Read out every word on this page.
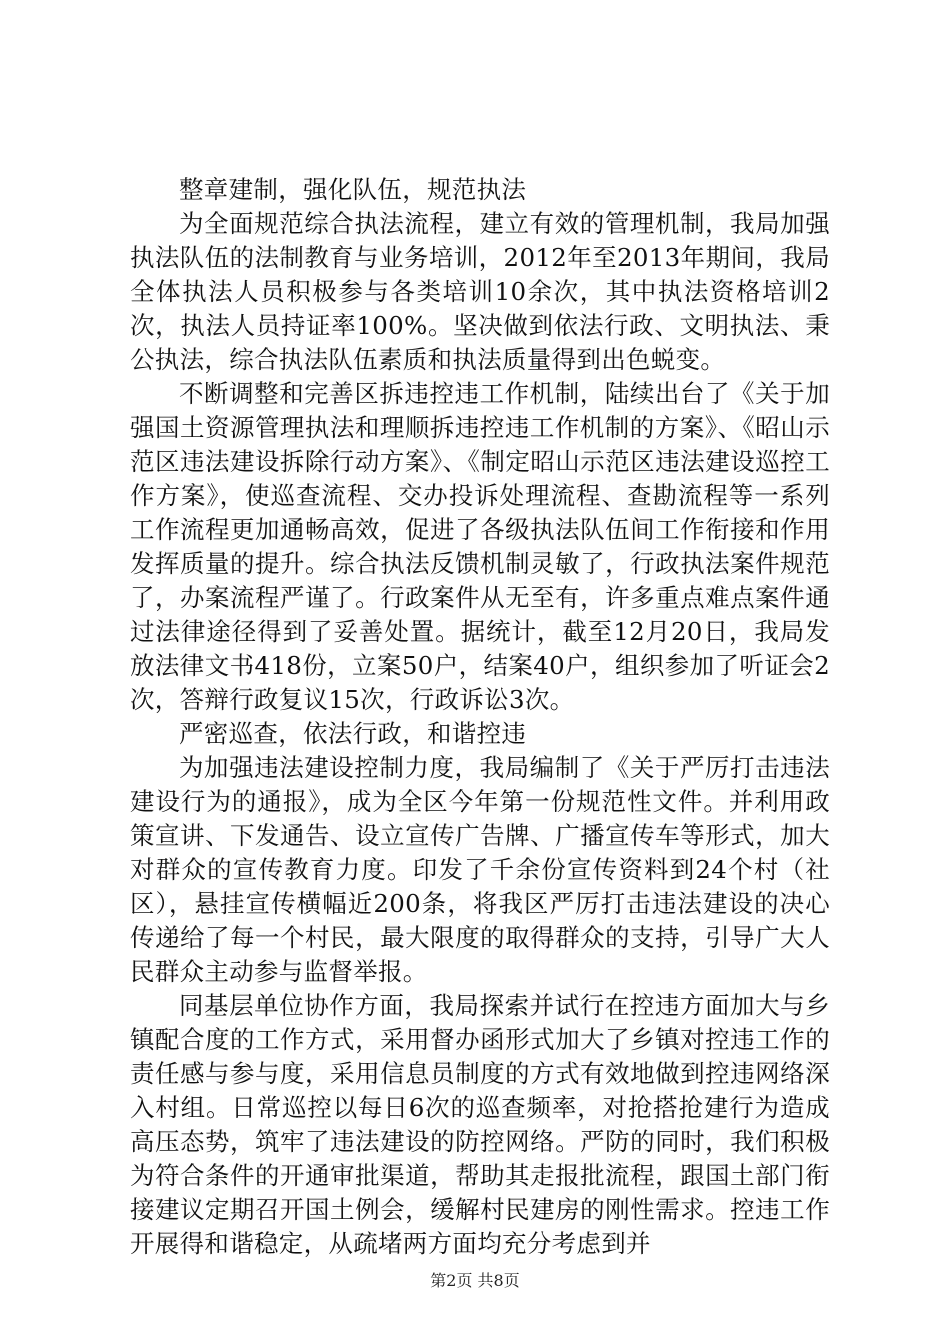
整章建制，强化队伍，规范执法

为全面规范综合执法流程，建立有效的管理机制，我局加强执法队伍的法制教育与业务培训，2012年至2013年期间，我局全体执法人员积极参与各类培训10余次，其中执法资格培训2次，执法人员持证率100%。坚决做到依法行政、文明执法、秉公执法，综合执法队伍素质和执法质量得到出色蜕变。

不断调整和完善区拆违控违工作机制，陆续出台了《关于加强国土资源管理执法和理顺拆违控违工作机制的方案》、《昭山示范区违法建设拆除行动方案》、《制定昭山示范区违法建设巡控工作方案》，使巡查流程、交办投诉处理流程、查勘流程等一系列工作流程更加通畅高效，促进了各级执法队伍间工作衔接和作用发挥质量的提升。综合执法反馈机制灵敏了，行政执法案件规范了，办案流程严谨了。行政案件从无至有，许多重点难点案件通过法律途径得到了妥善处置。据统计，截至12月20日，我局发放法律文书418份，立案50户，结案40户，组织参加了听证会2次，答辩行政复议15次，行政诉讼3次。

严密巡查，依法行政，和谐控违

为加强违法建设控制力度，我局编制了《关于严厉打击违法建设行为的通报》，成为全区今年第一份规范性文件。并利用政策宣讲、下发通告、设立宣传广告牌、广播宣传车等形式，加大对群众的宣传教育力度。印发了千余份宣传资料到24个村（社区），悬挂宣传横幅近200条，将我区严厉打击违法建设的决心传递给了每一个村民，最大限度的取得群众的支持，引导广大人民群众主动参与监督举报。

同基层单位协作方面，我局探索并试行在控违方面加大与乡镇配合度的工作方式，采用督办函形式加大了乡镇对控违工作的责任感与参与度，采用信息员制度的方式有效地做到控违网络深入村组。日常巡控以每日6次的巡查频率，对抢搭抢建行为造成高压态势，筑牢了违法建设的防控网络。严防的同时，我们积极为符合条件的开通审批渠道，帮助其走报批流程，跟国土部门衔接建议定期召开国土例会，缓解村民建房的刚性需求。控违工作开展得和谐稳定，从疏堵两方面均充分考虑到并

第2页 共8页
